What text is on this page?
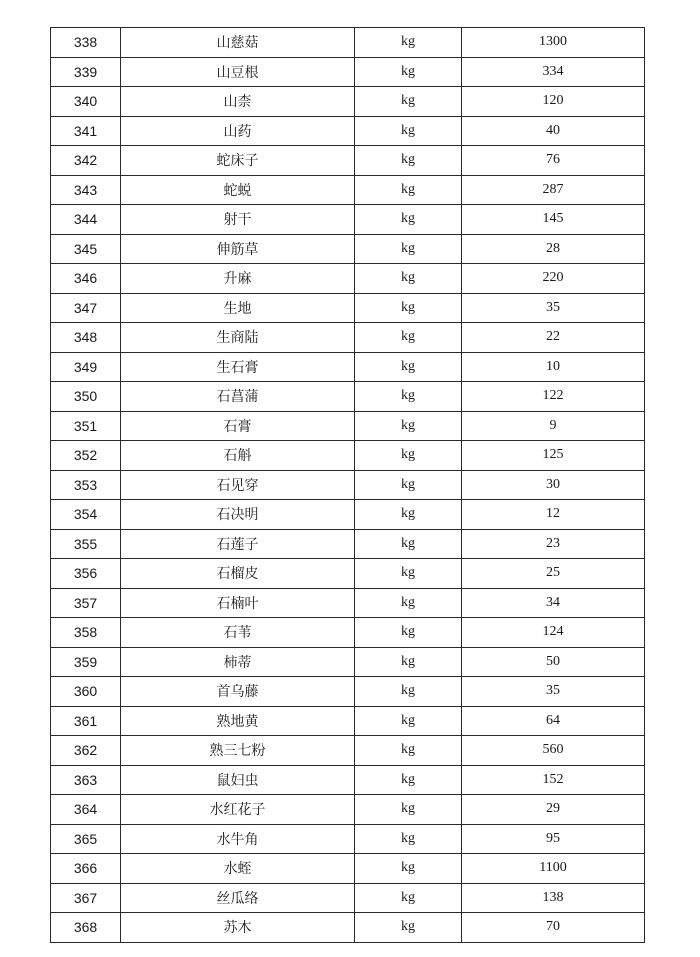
338	山慈菇	kg	1300
339	山豆根	kg	334
340	山柰	kg	120
341	山药	kg	40
342	蛇床子	kg	76
343	蛇蜕	kg	287
344	射干	kg	145
345	伸筋草	kg	28
346	升麻	kg	220
347	生地	kg	35
348	生商陆	kg	22
349	生石膏	kg	10
350	石菖蒲	kg	122
351	石膏	kg	9
352	石斛	kg	125
353	石见穿	kg	30
354	石决明	kg	12
355	石莲子	kg	23
356	石榴皮	kg	25
357	石楠叶	kg	34
358	石苇	kg	124
359	柿蒂	kg	50
360	首乌藤	kg	35
361	熟地黄	kg	64
362	熟三七粉	kg	560
363	鼠妇虫	kg	152
364	水红花子	kg	29
365	水牛角	kg	95
366	水蛭	kg	1100
367	丝瓜络	kg	138
368	苏木	kg	70
